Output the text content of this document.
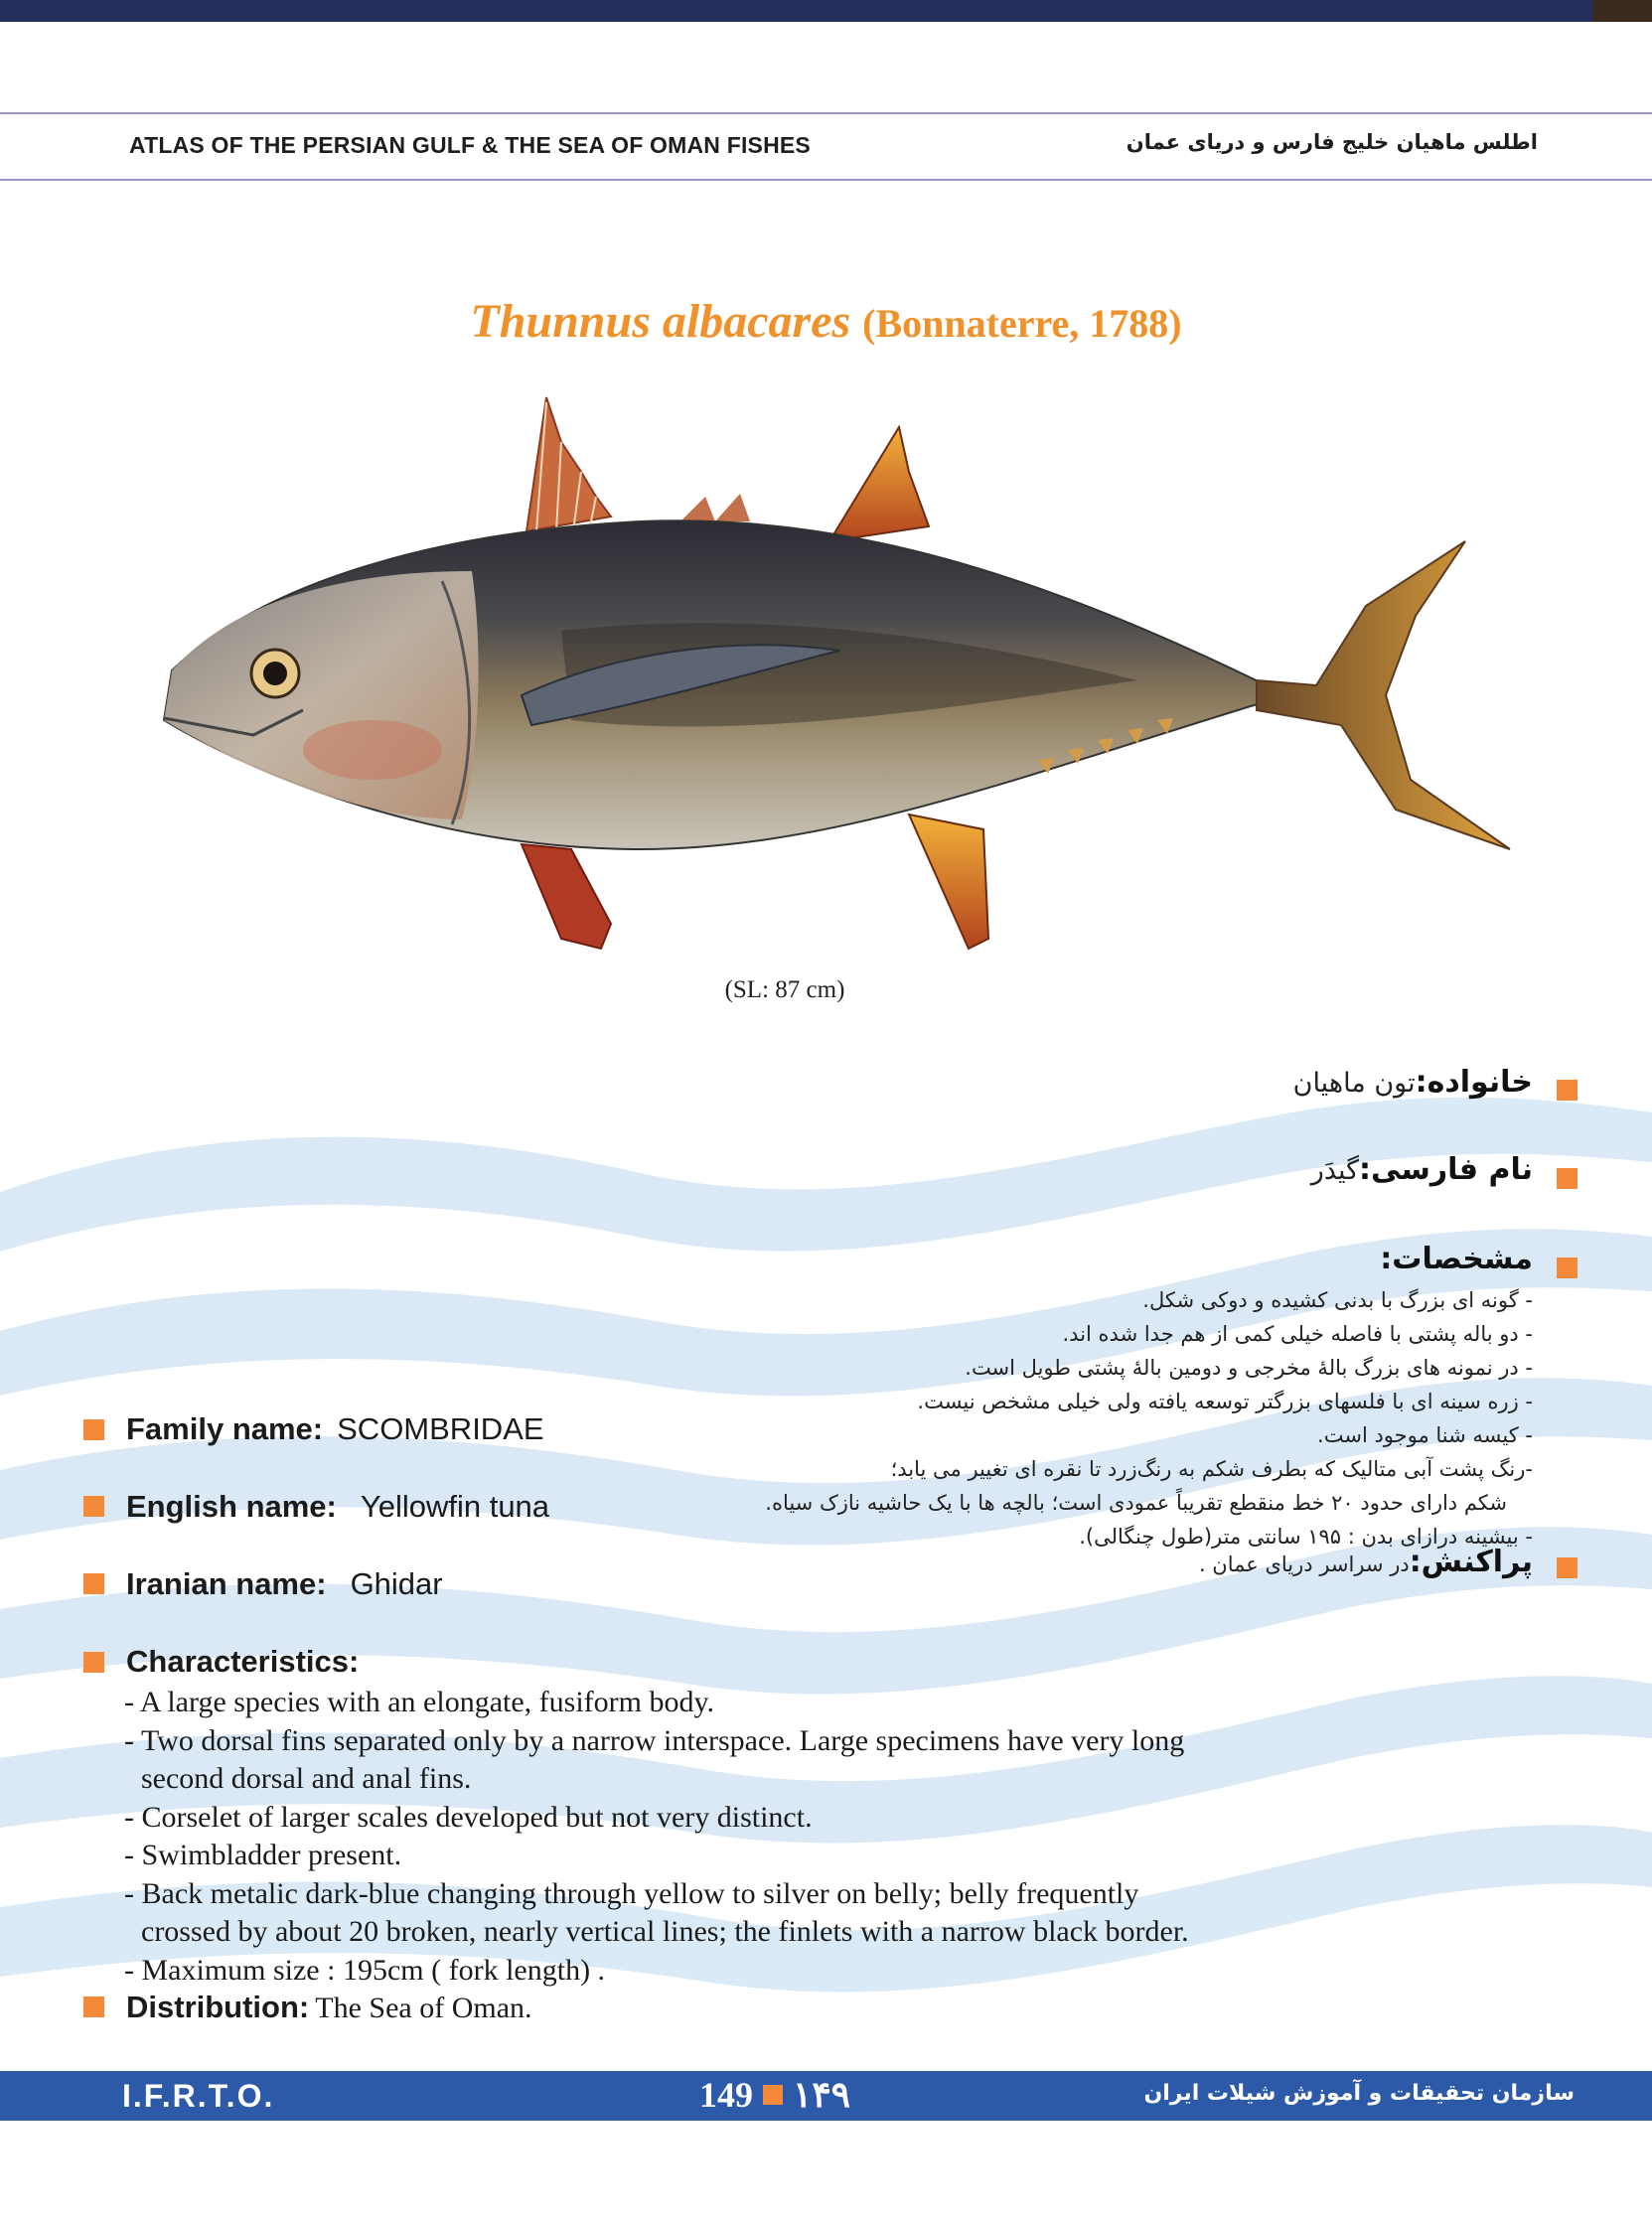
ATLAS OF THE PERSIAN GULF & THE SEA OF OMAN FISHES	اطلس ماهیان خلیج فارس و دریای عمان
Thunnus albacares (Bonnaterre, 1788)
(SL: 87 cm)
خانواده:تون ماهیان
نام فارسی:گیدَر
مشخصات:
- گونه ای بزرگ با بدنی کشیده و دوکی شکل.
- دو باله پشتی با فاصله خیلی کمی از هم جدا شده اند.
- در نمونه های بزرگ بالهٔ مخرجی و دومین بالهٔ پشتی طویل است.
- زره سینه ای با فلسهای بزرگتر توسعه یافته ولی خیلی مشخص نیست.
- کیسه شنا موجود است.
-رنگ پشت آبی متالیک که بطرف شکم به رنگ‌زرد تا نقره ای تغییر می یابد؛
شکم دارای حدود ۲۰ خط منقطع تقریباً عمودی است؛ بالچه ها با یک حاشیه نازک سیاه.
- بیشینه درازای بدن : ۱۹۵ سانتی متر(طول چنگالی).
پراکنش:در سراسر دریای عمان .
Family name: SCOMBRIDAE
English name: Yellowfin tuna
Iranian name: Ghidar
Characteristics:
- A large species with an elongate, fusiform body.
- Two dorsal fins separated only by a narrow interspace. Large specimens have very long
second dorsal and anal fins.
- Corselet of larger scales developed but not very distinct.
- Swimbladder present.
- Back metalic dark-blue changing through yellow to silver on belly; belly frequently
crossed by about 20 broken, nearly vertical lines; the finlets with a narrow black border.
- Maximum size : 195cm ( fork length) .
Distribution: The Sea of Oman.
I.F.R.T.O.	149 ۱۴۹	سازمان تحقیقات و آموزش شیلات ایران
